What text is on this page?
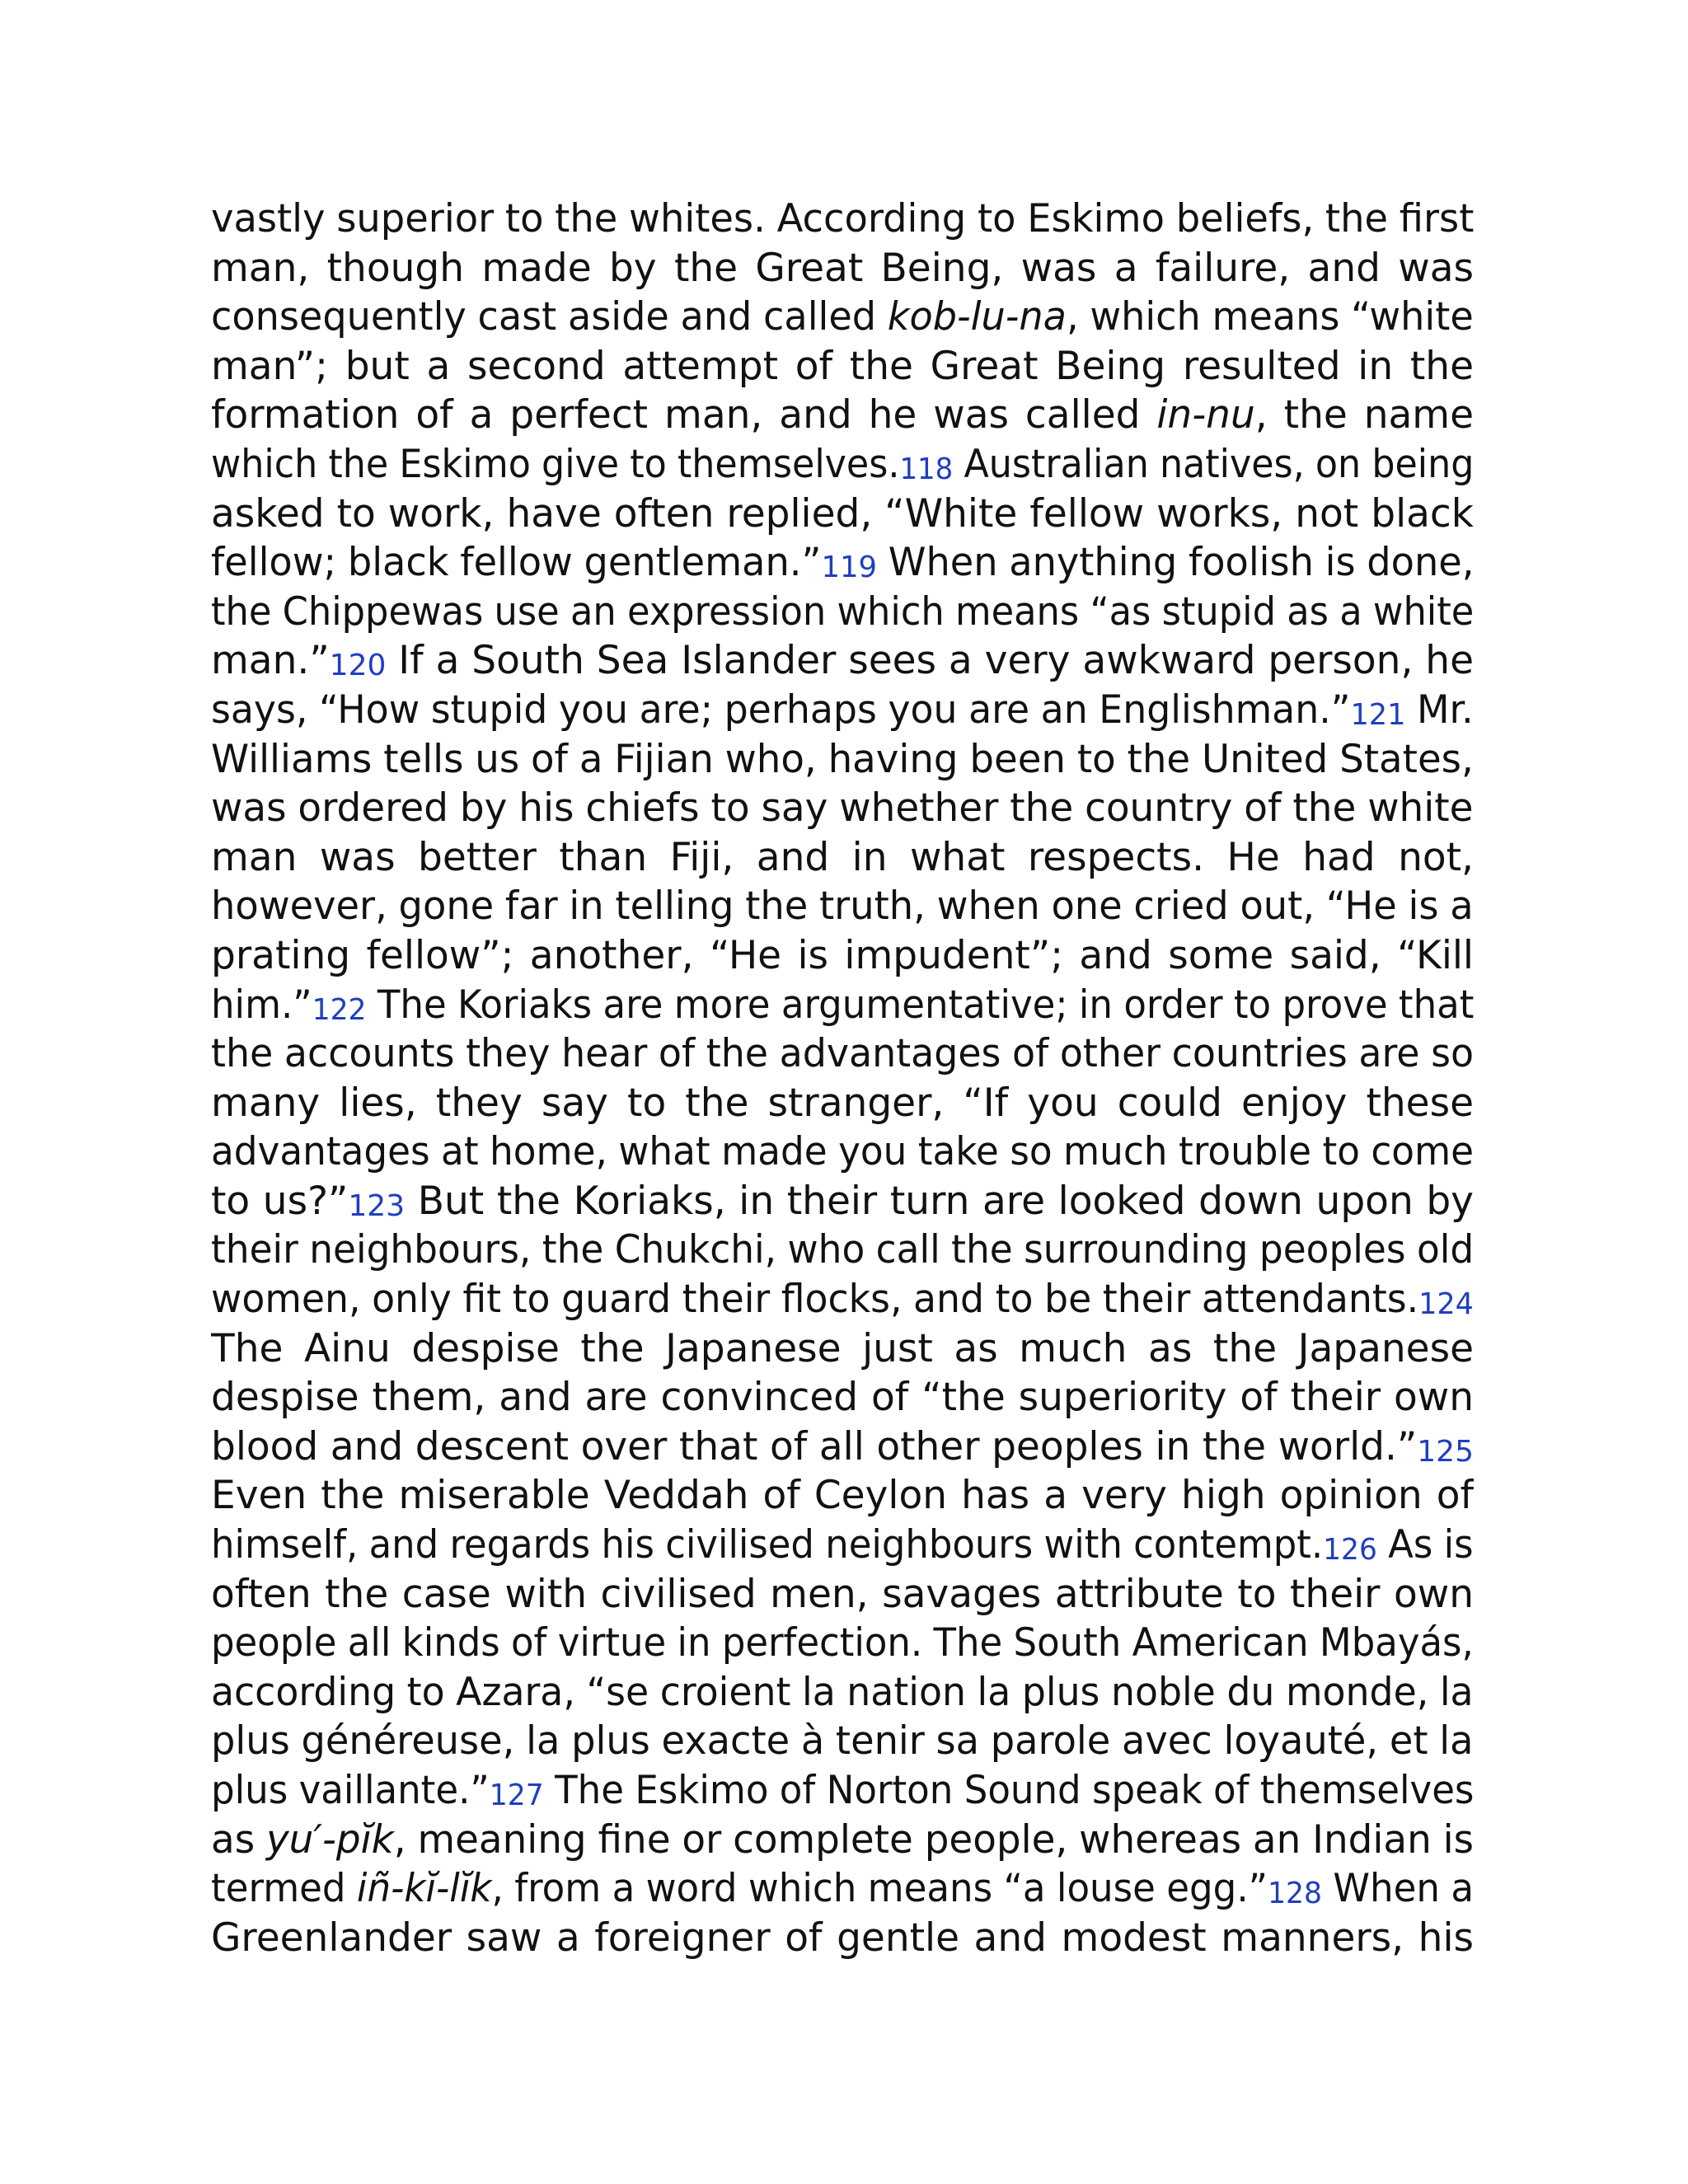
vastly superior to the whites. According to Eskimo beliefs, the first
man, though made by the Great Being, was a failure, and was
consequently cast aside and called kob-lu-na, which means “white
man”; but a second attempt of the Great Being resulted in the
formation of a perfect man, and he was called in-nu, the name
which the Eskimo give to themselves.118 Australian natives, on being
asked to work, have often replied, “White fellow works, not black
fellow; black fellow gentleman.”119 When anything foolish is done,
the Chippewas use an expression which means “as stupid as a white
man.”120 If a South Sea Islander sees a very awkward person, he
says, “How stupid you are; perhaps you are an Englishman.”121 Mr.
Williams tells us of a Fijian who, having been to the United States,
was ordered by his chiefs to say whether the country of the white
man was better than Fiji, and in what respects. He had not,
however, gone far in telling the truth, when one cried out, “He is a
prating fellow”; another, “He is impudent”; and some said, “Kill
him.”122 The Koriaks are more argumentative; in order to prove that
the accounts they hear of the advantages of other countries are so
many lies, they say to the stranger, “If you could enjoy these
advantages at home, what made you take so much trouble to come
to us?”123 But the Koriaks, in their turn are looked down upon by
their neighbours, the Chukchi, who call the surrounding peoples old
women, only fit to guard their flocks, and to be their attendants.124
The Ainu despise the Japanese just as much as the Japanese
despise them, and are convinced of “the superiority of their own
blood and descent over that of all other peoples in the world.”125
Even the miserable Veddah of Ceylon has a very high opinion of
himself, and regards his civilised neighbours with contempt.126 As is
often the case with civilised men, savages attribute to their own
people all kinds of virtue in perfection. The South American Mbayás,
according to Azara, “se croient la nation la plus noble du monde, la
plus généreuse, la plus exacte à tenir sa parole avec loyauté, et la
plus vaillante.”127 The Eskimo of Norton Sound speak of themselves
as yu′-pĭk, meaning fine or complete people, whereas an Indian is
termed iñ-kĭ-lĭk, from a word which means “a louse egg.”128 When a
Greenlander saw a foreigner of gentle and modest manners, his
